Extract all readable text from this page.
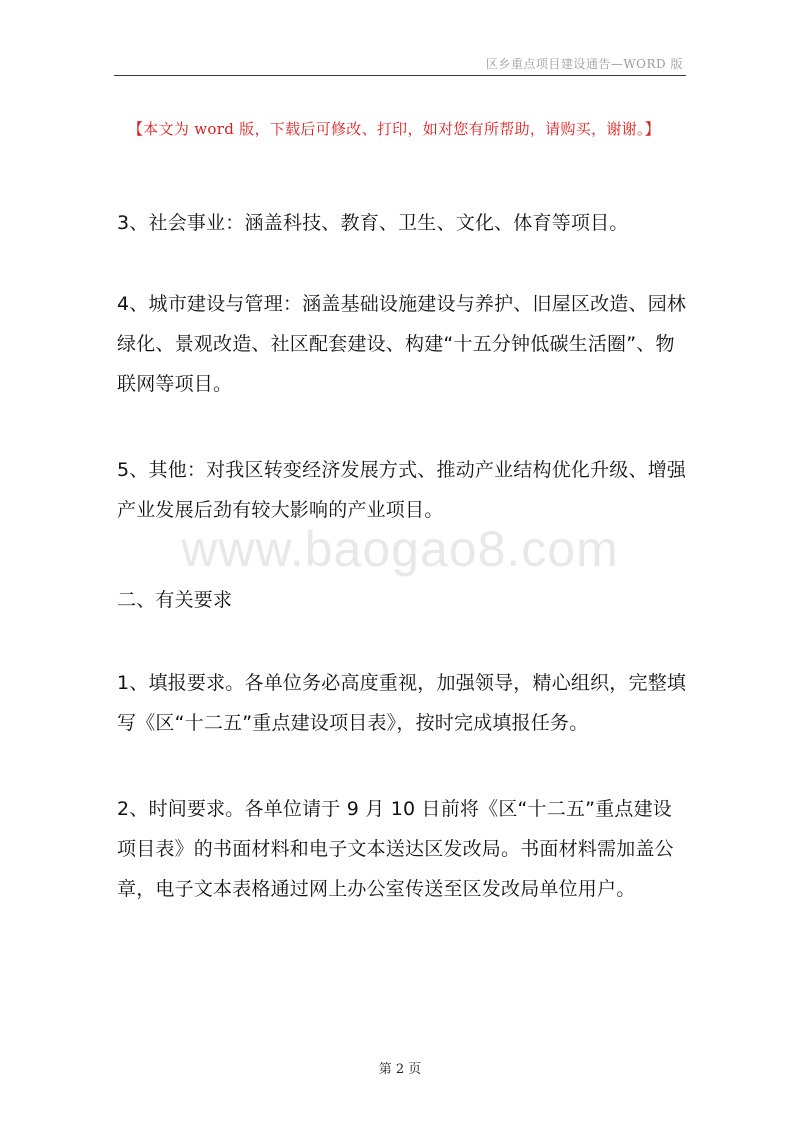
区乡重点项目建设通告—WORD 版
【本文为 word 版，下载后可修改、打印，如对您有所帮助，请购买，谢谢。】

3、社会事业：涵盖科技、教育、卫生、文化、体育等项目。

4、城市建设与管理：涵盖基础设施建设与养护、旧屋区改造、园林绿化、景观改造、社区配套建设、构建“十五分钟低碳生活圈”、物联网等项目。

5、其他：对我区转变经济发展方式、推动产业结构优化升级、增强产业发展后劲有较大影响的产业项目。

www.baogao8.com

二、有关要求

1、填报要求。各单位务必高度重视，加强领导，精心组织，完整填写《区“十二五”重点建设项目表》，按时完成填报任务。

2、时间要求。各单位请于 9 月 10 日前将《区“十二五”重点建设项目表》的书面材料和电子文本送达区发改局。书面材料需加盖公章，电子文本表格通过网上办公室传送至区发改局单位用户。

第 2 页
